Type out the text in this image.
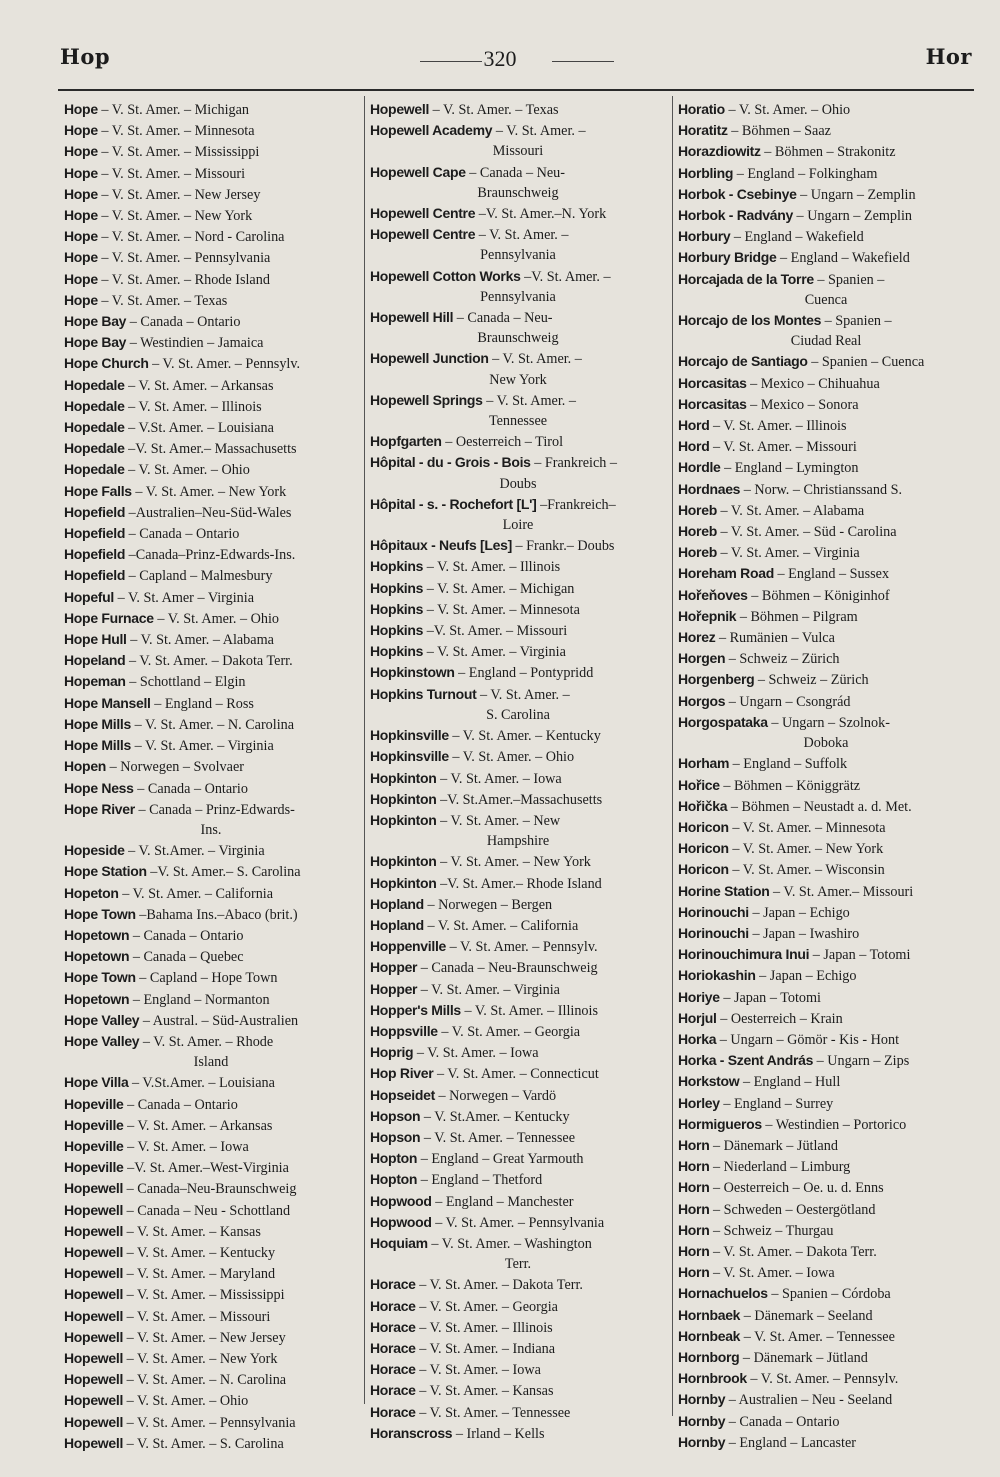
Hop	320	Hor
Hope – V. St. Amer. – Michigan
Hope – V. St. Amer. – Minnesota
Hope – V. St. Amer. – Mississippi
Hope – V. St. Amer. – Missouri
Hope – V. St. Amer. – New Jersey
Hope – V. St. Amer. – New York
Hope – V. St. Amer. – Nord - Carolina
Hope – V. St. Amer. – Pennsylvania
Hope – V. St. Amer. – Rhode Island
Hope – V. St. Amer. – Texas
Hope Bay – Canada – Ontario
Hope Bay – Westindien – Jamaica
Hope Church – V. St. Amer. – Pennsylv.
Hopedale – V. St. Amer. – Arkansas
Hopedale – V. St. Amer. – Illinois
Hopedale – V.St. Amer. – Louisiana
Hopedale –V. St. Amer.– Massachusetts
Hopedale – V. St. Amer. – Ohio
Hope Falls – V. St. Amer. – New York
Hopefield –Australien–Neu-Süd-Wales
Hopefield – Canada – Ontario
Hopefield –Canada–Prinz-Edwards-Ins.
Hopefield – Capland – Malmesbury
Hopeful – V. St. Amer – Virginia
Hope Furnace – V. St. Amer. – Ohio
Hope Hull – V. St. Amer. – Alabama
Hopeland – V. St. Amer. – Dakota Terr.
Hopeman – Schottland – Elgin
Hope Mansell – England – Ross
Hope Mills – V. St. Amer. – N. Carolina
Hope Mills – V. St. Amer. – Virginia
Hopen – Norwegen – Svolvaer
Hope Ness – Canada – Ontario
Hope River – Canada – Prinz-Edwards-
Ins.
Hopeside – V. St.Amer. – Virginia
Hope Station –V. St. Amer.– S. Carolina
Hopeton – V. St. Amer. – California
Hope Town –Bahama Ins.–Abaco (brit.)
Hopetown – Canada – Ontario
Hopetown – Canada – Quebec
Hope Town – Capland – Hope Town
Hopetown – England – Normanton
Hope Valley – Austral. – Süd-Australien
Hope Valley – V. St. Amer. – Rhode
Island
Hope Villa – V.St.Amer. – Louisiana
Hopeville – Canada – Ontario
Hopeville – V. St. Amer. – Arkansas
Hopeville – V. St. Amer. – Iowa
Hopeville –V. St. Amer.–West-Virginia
Hopewell – Canada–Neu-Braunschweig
Hopewell – Canada – Neu - Schottland
Hopewell – V. St. Amer. – Kansas
Hopewell – V. St. Amer. – Kentucky
Hopewell – V. St. Amer. – Maryland
Hopewell – V. St. Amer. – Mississippi
Hopewell – V. St. Amer. – Missouri
Hopewell – V. St. Amer. – New Jersey
Hopewell – V. St. Amer. – New York
Hopewell – V. St. Amer. – N. Carolina
Hopewell – V. St. Amer. – Ohio
Hopewell – V. St. Amer. – Pennsylvania
Hopewell – V. St. Amer. – S. Carolina
Hopewell – V. St. Amer. – Texas
Hopewell Academy – V. St. Amer. –
Missouri
Hopewell Cape – Canada – Neu-
Braunschweig
Hopewell Centre –V. St. Amer.–N. York
Hopewell Centre – V. St. Amer. –
Pennsylvania
Hopewell Cotton Works –V. St. Amer. –
Pennsylvania
Hopewell Hill – Canada – Neu-
Braunschweig
Hopewell Junction – V. St. Amer. –
New York
Hopewell Springs – V. St. Amer. –
Tennessee
Hopfgarten – Oesterreich – Tirol
Hôpital - du - Grois - Bois – Frankreich –
Doubs
Hôpital - s. - Rochefort [L'] –Frankreich–
Loire
Hôpitaux - Neufs [Les] – Frankr.– Doubs
Hopkins – V. St. Amer. – Illinois
Hopkins – V. St. Amer. – Michigan
Hopkins – V. St. Amer. – Minnesota
Hopkins –V. St. Amer. – Missouri
Hopkins – V. St. Amer. – Virginia
Hopkinstown – England – Pontypridd
Hopkins Turnout – V. St. Amer. –
S. Carolina
Hopkinsville – V. St. Amer. – Kentucky
Hopkinsville – V. St. Amer. – Ohio
Hopkinton – V. St. Amer. – Iowa
Hopkinton –V. St.Amer.–Massachusetts
Hopkinton – V. St. Amer. – New
Hampshire
Hopkinton – V. St. Amer. – New York
Hopkinton –V. St. Amer.– Rhode Island
Hopland – Norwegen – Bergen
Hopland – V. St. Amer. – California
Hoppenville – V. St. Amer. – Pennsylv.
Hopper – Canada – Neu-Braunschweig
Hopper – V. St. Amer. – Virginia
Hopper's Mills – V. St. Amer. – Illinois
Hoppsville – V. St. Amer. – Georgia
Hoprig – V. St. Amer. – Iowa
Hop River – V. St. Amer. – Connecticut
Hopseidet – Norwegen – Vardö
Hopson – V. St.Amer. – Kentucky
Hopson – V. St. Amer. – Tennessee
Hopton – England – Great Yarmouth
Hopton – England – Thetford
Hopwood – England – Manchester
Hopwood – V. St. Amer. – Pennsylvania
Hoquiam – V. St. Amer. – Washington
Terr.
Horace – V. St. Amer. – Dakota Terr.
Horace – V. St. Amer. – Georgia
Horace – V. St. Amer. – Illinois
Horace – V. St. Amer. – Indiana
Horace – V. St. Amer. – Iowa
Horace – V. St. Amer. – Kansas
Horace – V. St. Amer. – Tennessee
Horanscross – Irland – Kells
Horatio – V. St. Amer. – Ohio
Horatitz – Böhmen – Saaz
Horazdiowitz – Böhmen – Strakonitz
Horbling – England – Folkingham
Horbok - Csebinye – Ungarn – Zemplin
Horbok - Radvány – Ungarn – Zemplin
Horbury – England – Wakefield
Horbury Bridge – England – Wakefield
Horcajada de la Torre – Spanien –
Cuenca
Horcajo de los Montes – Spanien –
Ciudad Real
Horcajo de Santiago – Spanien – Cuenca
Horcasitas – Mexico – Chihuahua
Horcasitas – Mexico – Sonora
Hord – V. St. Amer. – Illinois
Hord – V. St. Amer. – Missouri
Hordle – England – Lymington
Hordnaes – Norw. – Christianssand S.
Horeb – V. St. Amer. – Alabama
Horeb – V. St. Amer. – Süd - Carolina
Horeb – V. St. Amer. – Virginia
Horeham Road – England – Sussex
Hořeňoves – Böhmen – Königinhof
Hořepnik – Böhmen – Pilgram
Horez – Rumänien – Vulca
Horgen – Schweiz – Zürich
Horgenberg – Schweiz – Zürich
Horgos – Ungarn – Csongrád
Horgospataka – Ungarn – Szolnok-
Doboka
Horham – England – Suffolk
Hořice – Böhmen – Königgrätz
Hořička – Böhmen – Neustadt a. d. Met.
Horicon – V. St. Amer. – Minnesota
Horicon – V. St. Amer. – New York
Horicon – V. St. Amer. – Wisconsin
Horine Station – V. St. Amer.– Missouri
Horinouchi – Japan – Echigo
Horinouchi – Japan – Iwashiro
Horinouchimura Inui – Japan – Totomi
Horiokashin – Japan – Echigo
Horiye – Japan – Totomi
Horjul – Oesterreich – Krain
Horka – Ungarn – Gömör - Kis - Hont
Horka - Szent András – Ungarn – Zips
Horkstow – England – Hull
Horley – England – Surrey
Hormigueros – Westindien – Portorico
Horn – Dänemark – Jütland
Horn – Niederland – Limburg
Horn – Oesterreich – Oe. u. d. Enns
Horn – Schweden – Oestergötland
Horn – Schweiz – Thurgau
Horn – V. St. Amer. – Dakota Terr.
Horn – V. St. Amer. – Iowa
Hornachuelos – Spanien – Córdoba
Hornbaek – Dänemark – Seeland
Hornbeak – V. St. Amer. – Tennessee
Hornborg – Dänemark – Jütland
Hornbrook – V. St. Amer. – Pennsylv.
Hornby – Australien – Neu - Seeland
Hornby – Canada – Ontario
Hornby – England – Lancaster
